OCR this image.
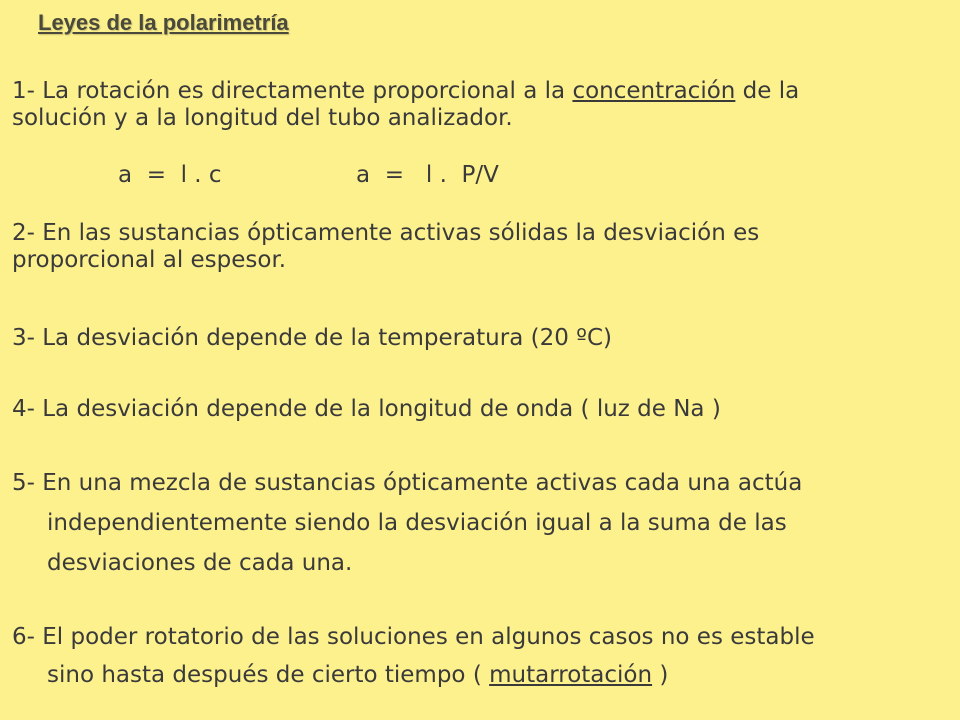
Leyes de la polarimetría
1- La rotación es directamente proporcional a la concentración de la
solución y a la longitud del tubo analizador.
a  =  l . c	a  =   l .  P/V
2- En las sustancias ópticamente activas sólidas la desviación es
proporcional al espesor.
3- La desviación depende de la temperatura (20 ºC)
4- La desviación depende de la longitud de onda ( luz de Na )
5- En una mezcla de sustancias ópticamente activas cada una actúa
independientemente siendo la desviación igual a la suma de las
desviaciones de cada una.
6- El poder rotatorio de las soluciones en algunos casos no es estable
sino hasta después de cierto tiempo ( mutarrotación )
